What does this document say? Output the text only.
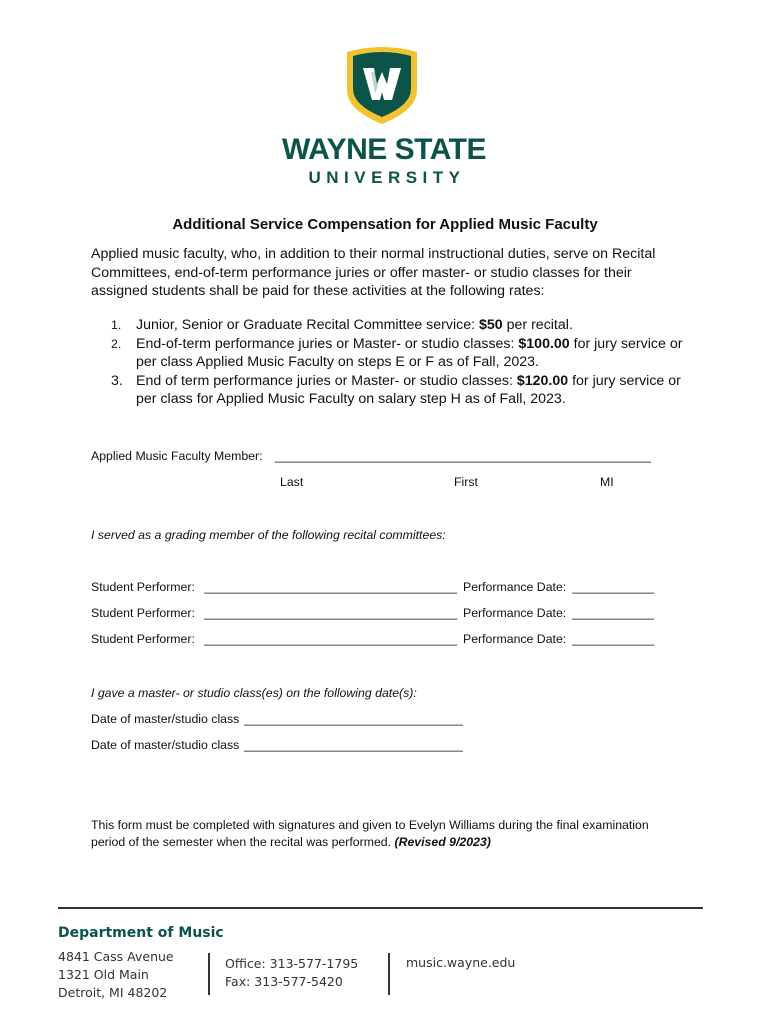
WAYNE STATE
UNIVERSITY
Additional Service Compensation for Applied Music Faculty
Applied music faculty, who, in addition to their normal instructional duties, serve on Recital Committees, end-of-term performance juries or offer master- or studio classes for their assigned students shall be paid for these activities at the following rates:
1. Junior, Senior or Graduate Recital Committee service: $50 per recital.
2. End-of-term performance juries or Master- or studio classes: $100.00 for jury service or per class Applied Music Faculty on steps E or F as of Fall, 2023.
3. End of term performance juries or Master- or studio classes: $120.00 for jury service or per class for Applied Music Faculty on salary step H as of Fall, 2023.
Applied Music Faculty Member: _______________________________________________________
Last	First	MI
I served as a grading member of the following recital committees:
Student Performer: _____________________________________ Performance Date: ____________
Student Performer: _____________________________________ Performance Date: ____________
Student Performer: _____________________________________ Performance Date: ____________
I gave a master- or studio class(es) on the following date(s):
Date of master/studio class ________________________________
Date of master/studio class ________________________________
This form must be completed with signatures and given to Evelyn Williams during the final examination period of the semester when the recital was performed. (Revised 9/2023)
Department of Music
4841 Cass Avenue
1321 Old Main
Detroit, MI 48202
Office: 313-577-1795
Fax: 313-577-5420
music.wayne.edu
